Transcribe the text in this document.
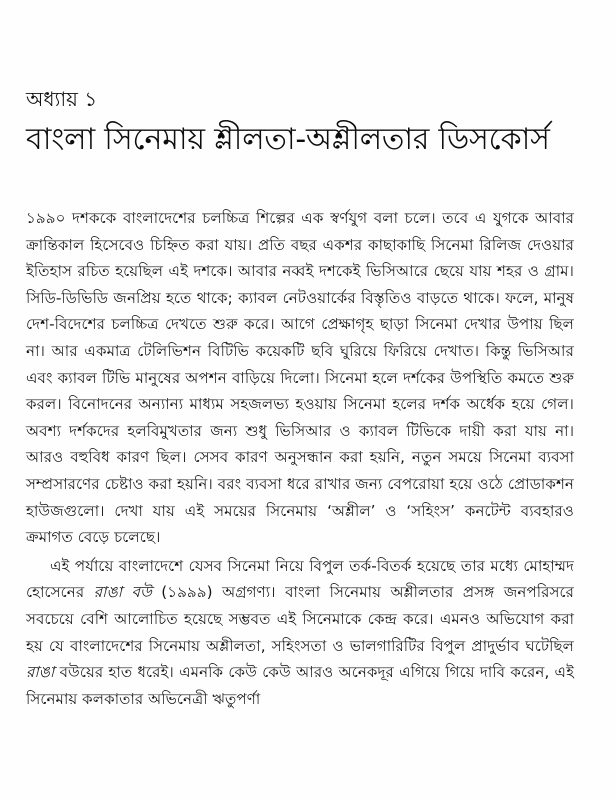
অধ্যায় ১
বাংলা সিনেমায় শ্লীলতা-অশ্লীলতার ডিসকোর্স

১৯৯০ দশককে বাংলাদেশের চলচ্চিত্র শিল্পের এক স্বর্ণযুগ বলা চলে। তবে এ যুগকে আবার ক্রান্তিকাল হিসেবেও চিহ্নিত করা যায়। প্রতি বছর একশর কাছাকাছি সিনেমা রিলিজ দেওয়ার ইতিহাস রচিত হয়েছিল এই দশকে। আবার নব্বই দশকেই ভিসিআরে ছেয়ে যায় শহর ও গ্রাম। সিডি-ডিভিডি জনপ্রিয় হতে থাকে; ক্যাবল নেটওয়ার্কের বিস্তৃতিও বাড়তে থাকে। ফলে, মানুষ দেশ-বিদেশের চলচ্চিত্র দেখতে শুরু করে। আগে প্রেক্ষাগৃহ ছাড়া সিনেমা দেখার উপায় ছিল না। আর একমাত্র টেলিভিশন বিটিভি কয়েকটি ছবি ঘুরিয়ে ফিরিয়ে দেখাত। কিন্তু ভিসিআর এবং ক্যাবল টিভি মানুষের অপশন বাড়িয়ে দিলো। সিনেমা হলে দর্শকের উপস্থিতি কমতে শুরু করল। বিনোদনের অন্যান্য মাধ্যম সহজলভ্য হওয়ায় সিনেমা হলের দর্শক অর্ধেক হয়ে গেল। অবশ্য দর্শকদের হলবিমুখতার জন্য শুধু ভিসিআর ও ক্যাবল টিভিকে দায়ী করা যায় না। আরও বহুবিধ কারণ ছিল। সেসব কারণ অনুসন্ধান করা হয়নি, নতুন সময়ে সিনেমা ব্যবসা সম্প্রসারণের চেষ্টাও করা হয়নি। বরং ব্যবসা ধরে রাখার জন্য বেপরোয়া হয়ে ওঠে প্রোডাকশন হাউজগুলো। দেখা যায় এই সময়ের সিনেমায় ‘অশ্লীল’ ও ‘সহিংস’ কনটেন্ট ব্যবহারও ক্রমাগত বেড়ে চলেছে।

এই পর্যায়ে বাংলাদেশে যেসব সিনেমা নিয়ে বিপুল তর্ক-বিতর্ক হয়েছে তার মধ্যে মোহাম্মদ হোসেনের রাঙা বউ (১৯৯৯) অগ্রগণ্য। বাংলা সিনেমায় অশ্লীলতার প্রসঙ্গ জনপরিসরে সবচেয়ে বেশি আলোচিত হয়েছে সম্ভবত এই সিনেমাকে কেন্দ্র করে। এমনও অভিযোগ করা হয় যে বাংলাদেশের সিনেমায় অশ্লীলতা, সহিংসতা ও ভালগারিটির বিপুল প্রাদুর্ভাব ঘটেছিল রাঙা বউয়ের হাত ধরেই। এমনকি কেউ কেউ আরও অনেকদূর এগিয়ে গিয়ে দাবি করেন, এই সিনেমায় কলকাতার অভিনেত্রী ঋতুপর্ণা
